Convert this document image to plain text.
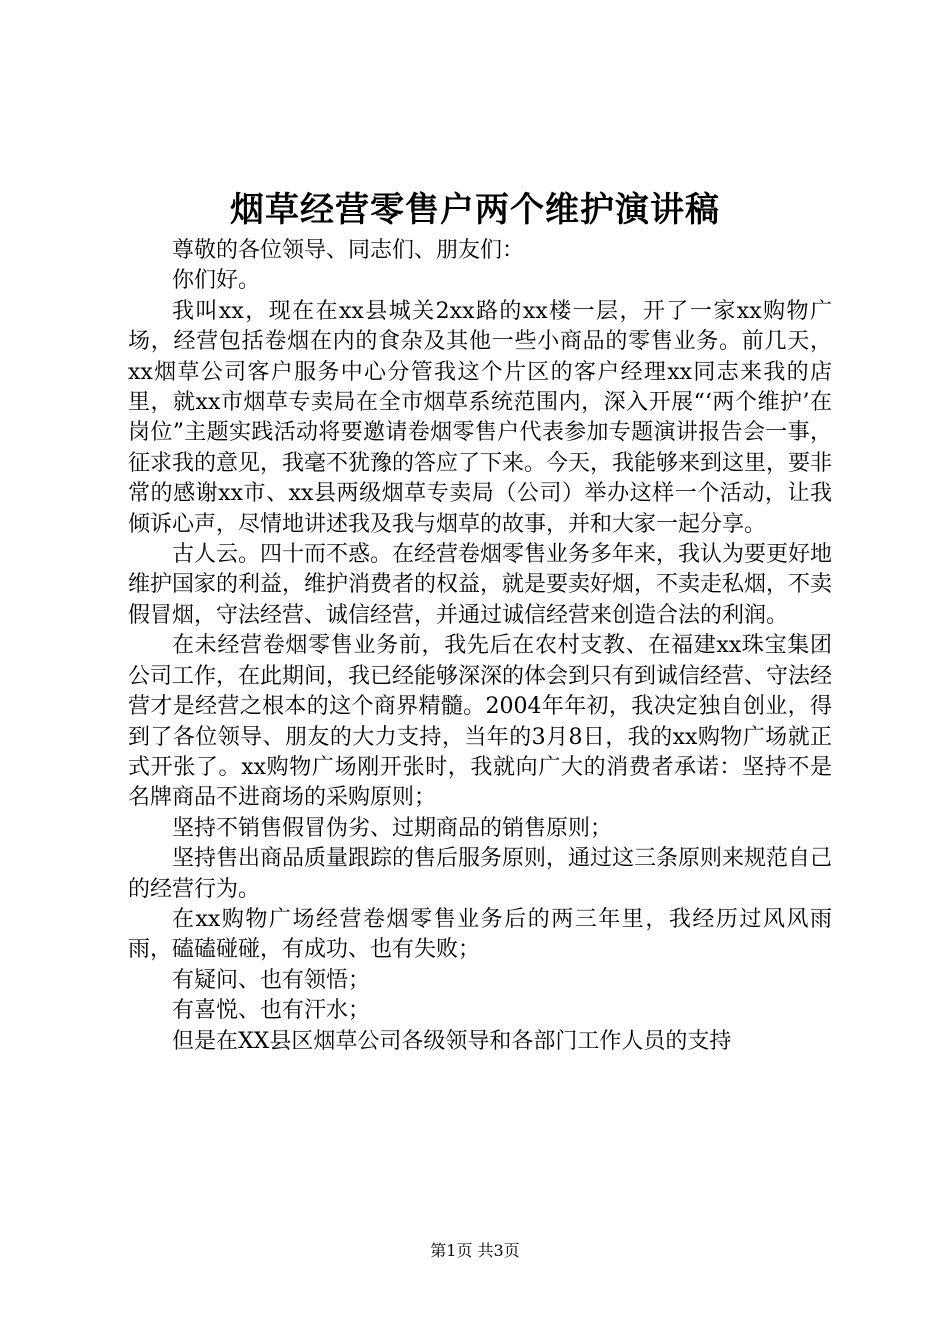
烟草经营零售户两个维护演讲稿

尊敬的各位领导、同志们、朋友们：

你们好。

我叫xx，现在在xx县城关2xx路的xx楼一层，开了一家xx购物广场，经营包括卷烟在内的食杂及其他一些小商品的零售业务。前几天，xx烟草公司客户服务中心分管我这个片区的客户经理xx同志来我的店里，就xx市烟草专卖局在全市烟草系统范围内，深入开展“‘两个维护’在岗位”主题实践活动将要邀请卷烟零售户代表参加专题演讲报告会一事，征求我的意见，我毫不犹豫的答应了下来。今天，我能够来到这里，要非常的感谢xx市、xx县两级烟草专卖局（公司）举办这样一个活动，让我倾诉心声，尽情地讲述我及我与烟草的故事，并和大家一起分享。

古人云。四十而不惑。在经营卷烟零售业务多年来，我认为要更好地维护国家的利益，维护消费者的权益，就是要卖好烟，不卖走私烟，不卖假冒烟，守法经营、诚信经营，并通过诚信经营来创造合法的利润。

在未经营卷烟零售业务前，我先后在农村支教、在福建xx珠宝集团公司工作，在此期间，我已经能够深深的体会到只有到诚信经营、守法经营才是经营之根本的这个商界精髓。2004年年初，我决定独自创业，得到了各位领导、朋友的大力支持，当年的3月8日，我的xx购物广场就正式开张了。xx购物广场刚开张时，我就向广大的消费者承诺：坚持不是名牌商品不进商场的采购原则；

坚持不销售假冒伪劣、过期商品的销售原则；

坚持售出商品质量跟踪的售后服务原则，通过这三条原则来规范自己的经营行为。

在xx购物广场经营卷烟零售业务后的两三年里，我经历过风风雨雨，磕磕碰碰，有成功、也有失败；

有疑问、也有领悟；

有喜悦、也有汗水；

但是在XX县区烟草公司各级领导和各部门工作人员的支持

第1页 共3页
